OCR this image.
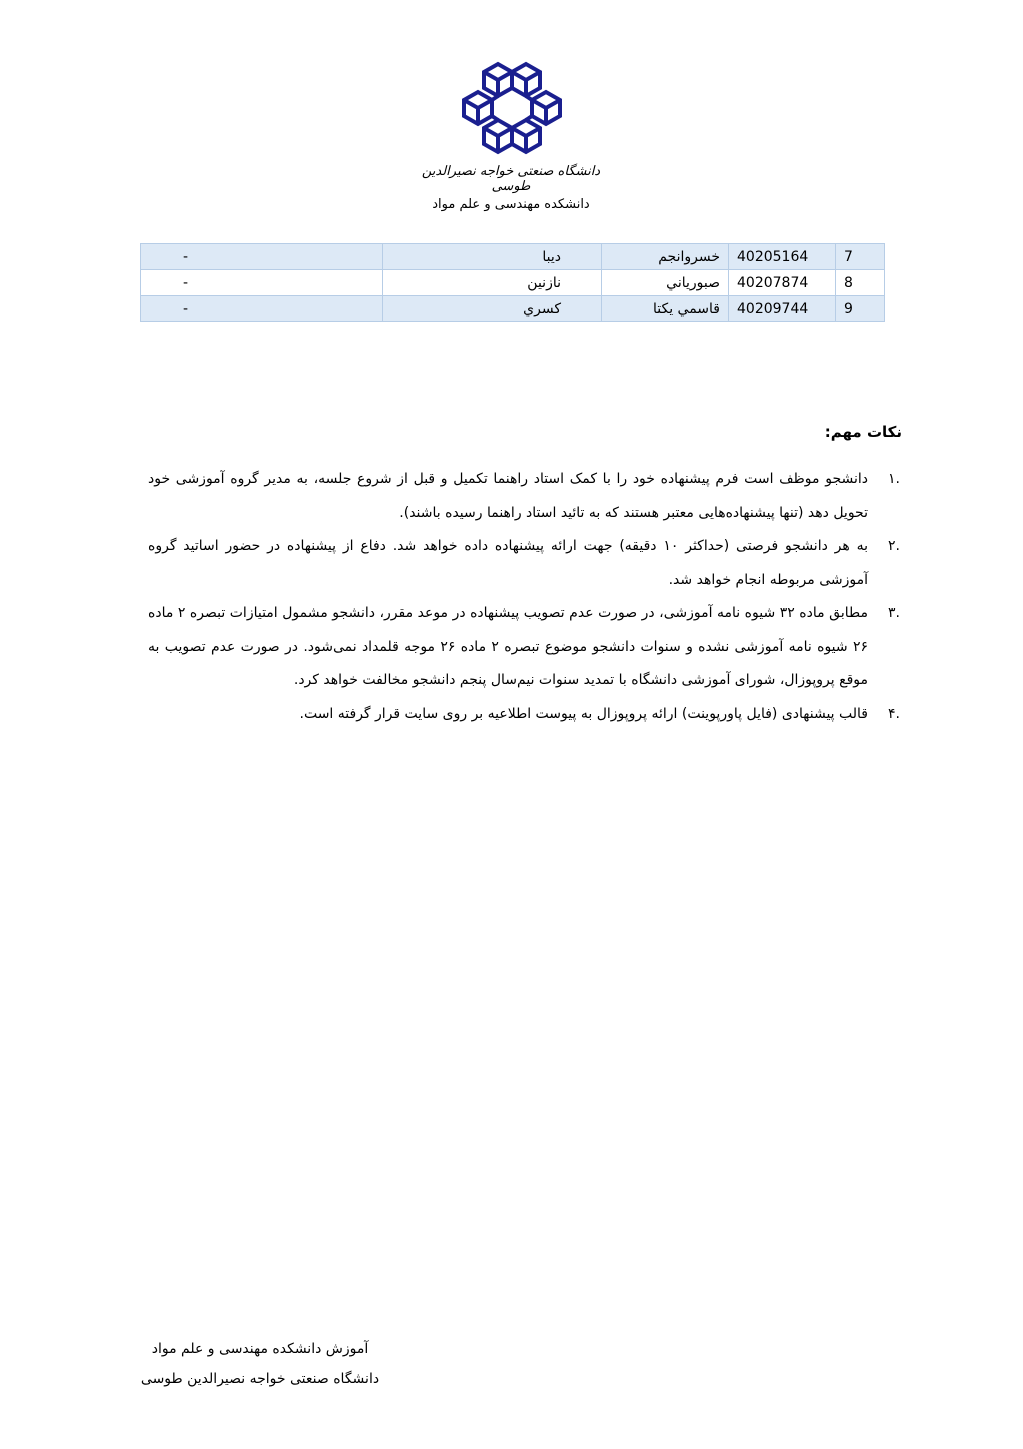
دانشگاه صنعتی خواجه نصیرالدین طوسی
دانشکده مهندسی و علم مواد
7	40205164	خسروانجم	ديبا	-
8	40207874	صبورياني	نازنين	-
9	40209744	قاسمي يكتا	كسري	-
نکات مهم:
.۱
دانشجو موظف است فرم پیشنهاده خود را با کمک استاد راهنما تکمیل و قبل از شروع جلسه، به مدیر گروه آموزشی خود تحویل دهد (تنها پیشنهاده‌هایی معتبر هستند که به تائید استاد راهنما رسیده باشند).
.۲
به هر دانشجو فرصتی (حداکثر ۱۰ دقیقه) جهت ارائه پیشنهاده داده خواهد شد. دفاع از پیشنهاده در حضور اساتید گروه آموزشی مربوطه انجام خواهد شد.
.۳
مطابق ماده ۳۲ شیوه نامه آموزشی، در صورت عدم تصویب پیشنهاده در موعد مقرر، دانشجو مشمول امتیازات تبصره ۲ ماده ۲۶ شیوه نامه آموزشی نشده و سنوات دانشجو موضوع تبصره ۲ ماده ۲۶ موجه قلمداد نمی‌شود. در صورت عدم تصویب به موقع پروپوزال، شورای آموزشی دانشگاه با تمدید سنوات نیم‌سال پنجم دانشجو مخالفت خواهد کرد.
.۴
قالب پیشنهادی (فایل پاورپوینت) ارائه پروپوزال به پیوست اطلاعیه بر روی سایت قرار گرفته است.
آموزش دانشکده مهندسی و علم مواد
دانشگاه صنعتی خواجه نصیرالدین طوسی
